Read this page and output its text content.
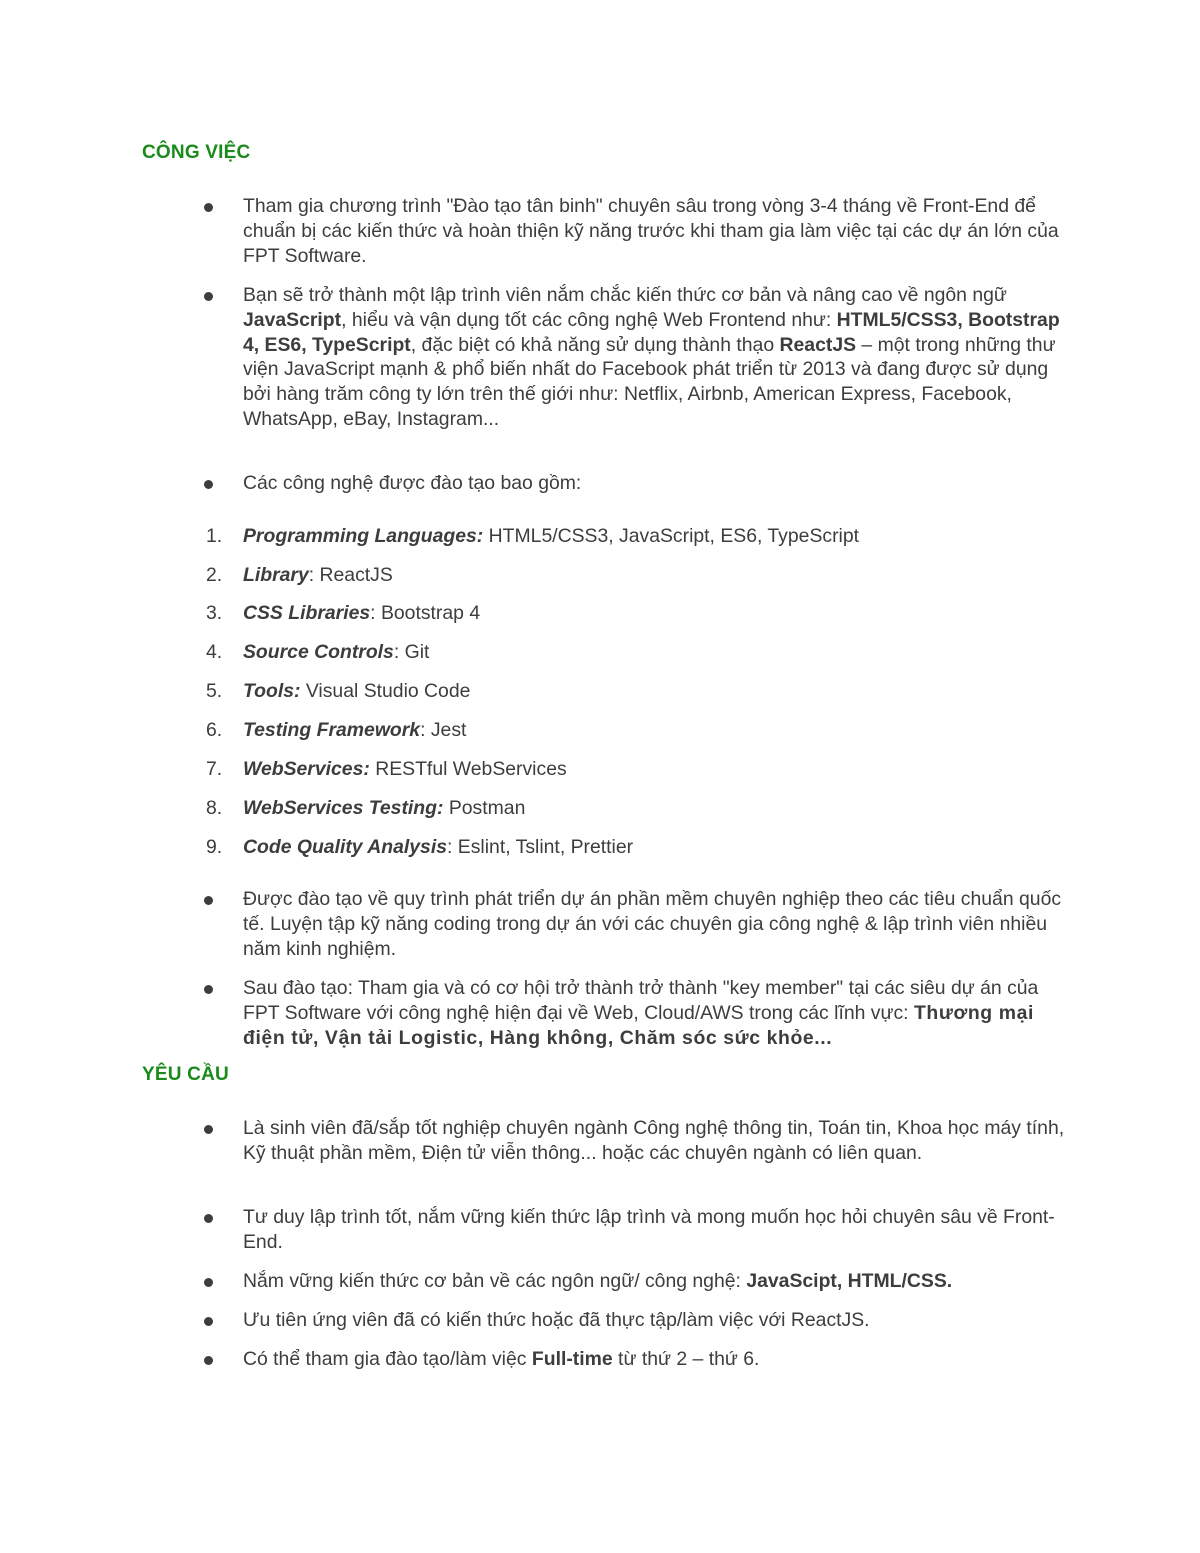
CÔNG VIỆC
Tham gia chương trình "Đào tạo tân binh" chuyên sâu trong vòng 3-4 tháng về Front-End để chuẩn bị các kiến thức và hoàn thiện kỹ năng trước khi tham gia làm việc tại các dự án lớn của FPT Software.
Bạn sẽ trở thành một lập trình viên nắm chắc kiến thức cơ bản và nâng cao về ngôn ngữ JavaScript, hiểu và vận dụng tốt các công nghệ Web Frontend như: HTML5/CSS3, Bootstrap 4, ES6, TypeScript, đặc biệt có khả năng sử dụng thành thạo ReactJS – một trong những thư viện JavaScript mạnh & phổ biến nhất do Facebook phát triển từ 2013 và đang được sử dụng bởi hàng trăm công ty lớn trên thế giới như: Netflix, Airbnb, American Express, Facebook, WhatsApp, eBay, Instagram...
Các công nghệ được đào tạo bao gồm:
1. Programming Languages: HTML5/CSS3, JavaScript, ES6, TypeScript
2. Library: ReactJS
3. CSS Libraries: Bootstrap 4
4. Source Controls: Git
5. Tools: Visual Studio Code
6. Testing Framework: Jest
7. WebServices: RESTful WebServices
8. WebServices Testing: Postman
9. Code Quality Analysis: Eslint, Tslint, Prettier
Được đào tạo về quy trình phát triển dự án phần mềm chuyên nghiệp theo các tiêu chuẩn quốc tế. Luyện tập kỹ năng coding trong dự án với các chuyên gia công nghệ & lập trình viên nhiều năm kinh nghiệm.
Sau đào tạo: Tham gia và có cơ hội trở thành trở thành "key member" tại các siêu dự án của FPT Software với công nghệ hiện đại về Web, Cloud/AWS trong các lĩnh vực: Thương mại điện tử, Vận tải Logistic, Hàng không, Chăm sóc sức khỏe...
YÊU CẦU
Là sinh viên đã/sắp tốt nghiệp chuyên ngành Công nghệ thông tin, Toán tin, Khoa học máy tính, Kỹ thuật phần mềm, Điện tử viễn thông... hoặc các chuyên ngành có liên quan.
Tư duy lập trình tốt, nắm vững kiến thức lập trình và mong muốn học hỏi chuyên sâu về Front-End.
Nắm vững kiến thức cơ bản về các ngôn ngữ/ công nghệ: JavaScipt, HTML/CSS.
Ưu tiên ứng viên đã có kiến thức hoặc đã thực tập/làm việc với ReactJS.
Có thể tham gia đào tạo/làm việc Full-time từ thứ 2 – thứ 6.
